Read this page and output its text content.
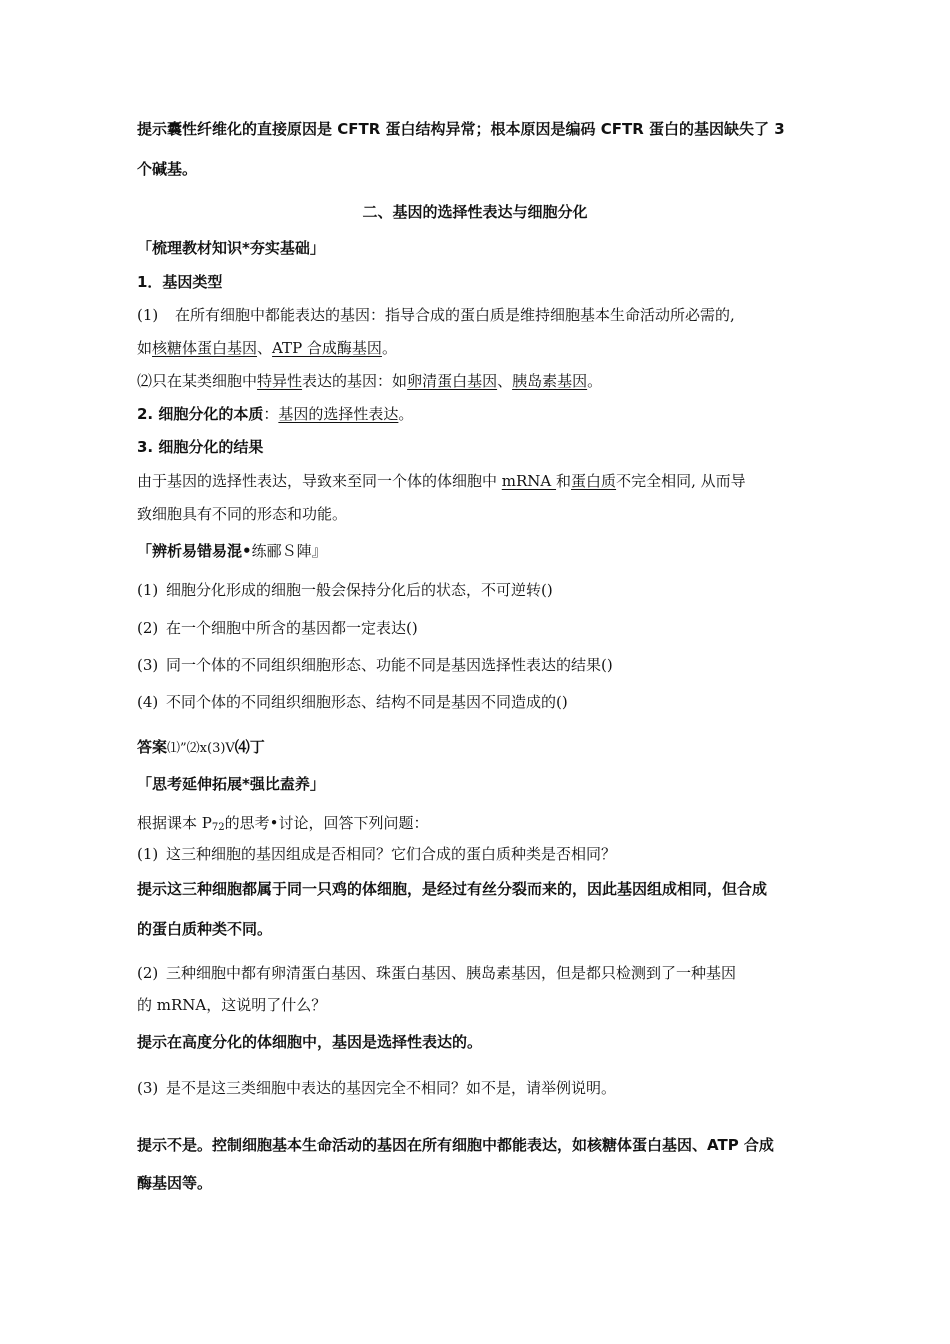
提示囊性纤维化的直接原因是 CFTR 蛋白结构异常；根本原因是编码 CFTR 蛋白的基因缺失了 3
个碱基。
二、基因的选择性表达与细胞分化
「梳理教材知识*夯实基础」
1．基因类型
(1) 在所有细胞中都能表达的基因：指导合成的蛋白质是维持细胞基本生命活动所必需的,
如核糖体蛋白基因、ATP 合成酶基因。
⑵只在某类细胞中特异性表达的基因：如卵清蛋白基因、胰岛素基因。
2. 细胞分化的本质：基因的选择性表达。
3. 细胞分化的结果
由于基因的选择性表达，导致来至同一个体的体细胞中 mRNA 和蛋白质不完全相同, 从而导
致细胞具有不同的形态和功能。
「辨析易错易混•练郦Ｓ陣』
(1) 细胞分化形成的细胞一般会保持分化后的状态，不可逆转()
(2) 在一个细胞中所含的基因都一定表达()
(3) 同一个体的不同组织细胞形态、功能不同是基因选择性表达的结果()
(4) 不同个体的不同组织细胞形态、结构不同是基因不同造成的()
答案⑴”⑵x(3)V⑷丁
「思考延伸拓展*强比盍养」
根据课本 $P_{72}$的思考•讨论，回答下列问题：
(1) 这三种细胞的基因组成是否相同？它们合成的蛋白质种类是否相同？
提示这三种细胞都属于同一只鸡的体细胞，是经过有丝分裂而来的，因此基因组成相同，但合成
的蛋白质种类不同。
(2) 三种细胞中都有卵清蛋白基因、珠蛋白基因、胰岛素基因，但是都只检测到了一种基因
的 mRNA，这说明了什么？
提示在高度分化的体细胞中，基因是选择性表达的。
(3) 是不是这三类细胞中表达的基因完全不相同？如不是，请举例说明。
提示不是。控制细胞基本生命活动的基因在所有细胞中都能表达，如核糖体蛋白基因、ATP 合成
酶基因等。
